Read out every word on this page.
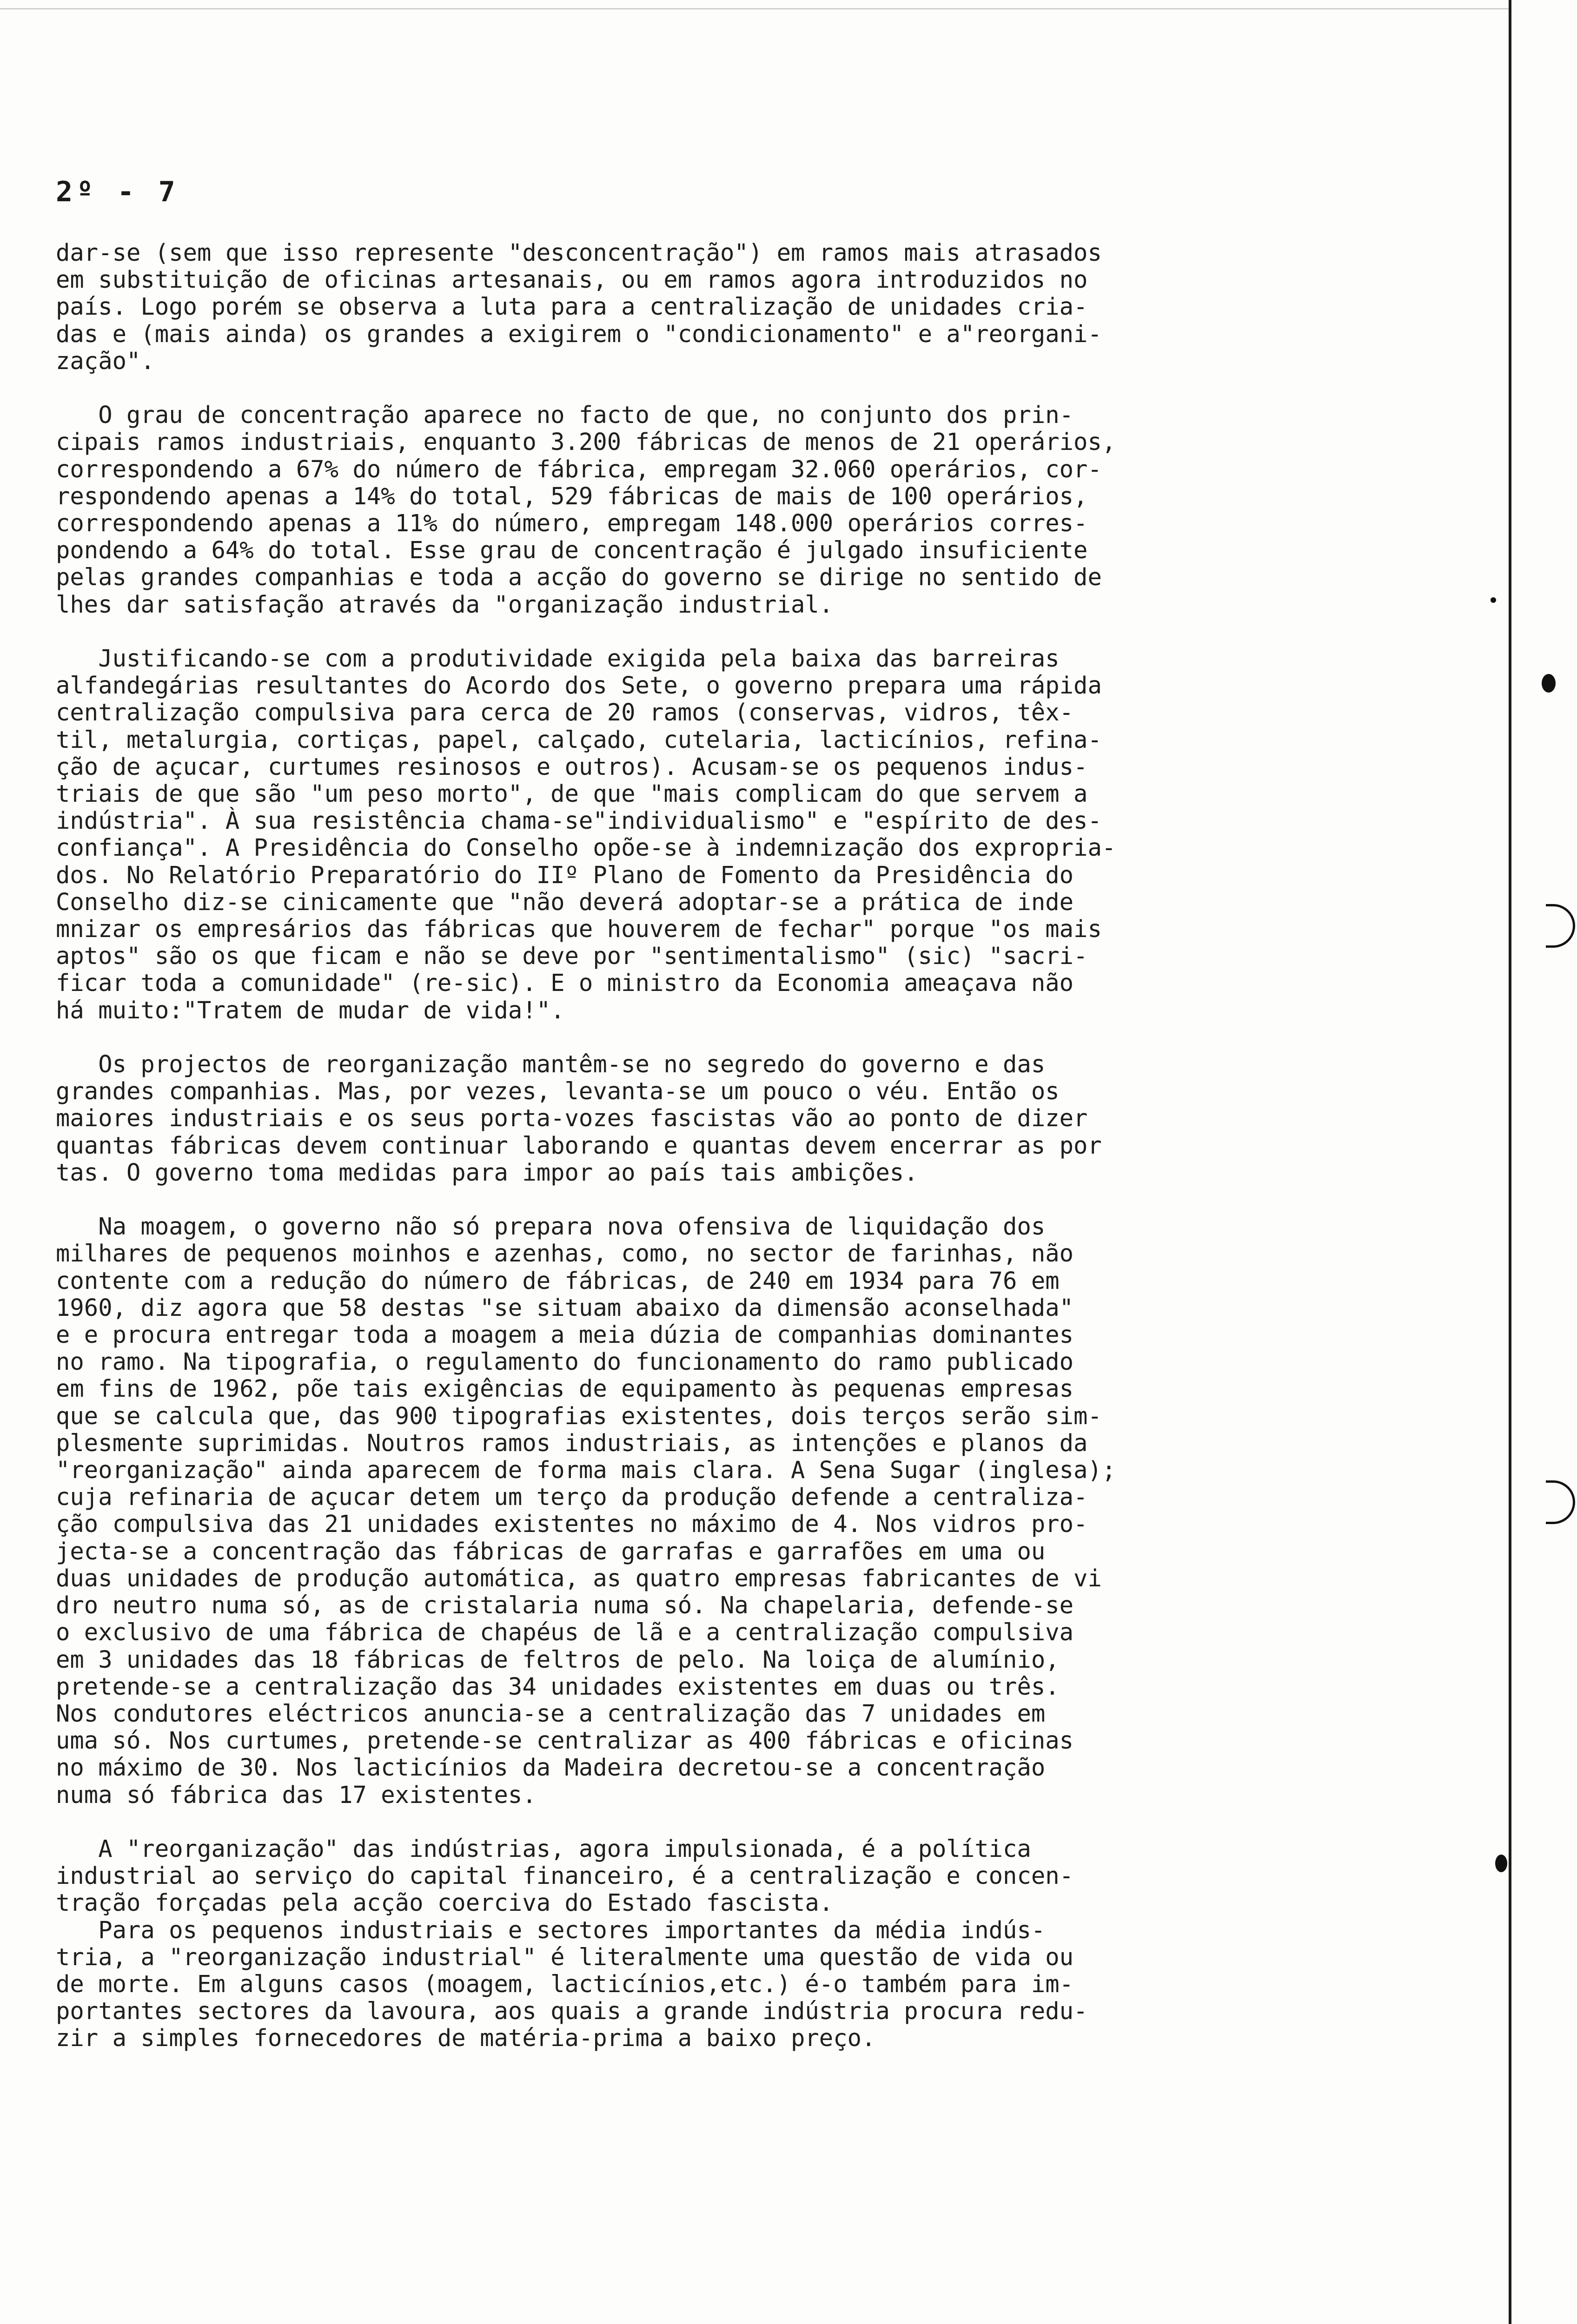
2º - 7

dar-se (sem que isso represente "desconcentração") em ramos mais atrasados
em substituição de oficinas artesanais, ou em ramos agora introduzidos no
país. Logo porém se observa a luta para a centralização de unidades cria-
das e (mais ainda) os grandes a exigirem o "condicionamento" e a"reorgani-
zação".
O grau de concentração aparece no facto de que, no conjunto dos prin-
cipais ramos industriais, enquanto 3.200 fábricas de menos de 21 operários,
correspondendo a 67% do número de fábrica, empregam 32.060 operários, cor-
respondendo apenas a 14% do total, 529 fábricas de mais de 100 operários,
correspondendo apenas a 11% do número, empregam 148.000 operários corres-
pondendo a 64% do total. Esse grau de concentração é julgado insuficiente
pelas grandes companhias e toda a acção do governo se dirige no sentido de
lhes dar satisfação através da "organização industrial.
Justificando-se com a produtividade exigida pela baixa das barreiras
alfandegárias resultantes do Acordo dos Sete, o governo prepara uma rápida
centralização compulsiva para cerca de 20 ramos (conservas, vidros, têx-
til, metalurgia, cortiças, papel, calçado, cutelaria, lacticínios, refina-
ção de açucar, curtumes resinosos e outros). Acusam-se os pequenos indus-
triais de que são "um peso morto", de que "mais complicam do que servem a
indústria". À sua resistência chama-se"individualismo" e "espírito de des-
confiança". A Presidência do Conselho opõe-se à indemnização dos expropria-
dos. No Relatório Preparatório do IIº Plano de Fomento da Presidência do
Conselho diz-se cinicamente que "não deverá adoptar-se a prática de inde
mnizar os empresários das fábricas que houverem de fechar" porque "os mais
aptos" são os que ficam e não se deve por "sentimentalismo" (sic) "sacri-
ficar toda a comunidade" (re-sic). E o ministro da Economia ameaçava não
há muito:"Tratem de mudar de vida!".
Os projectos de reorganização mantêm-se no segredo do governo e das
grandes companhias. Mas, por vezes, levanta-se um pouco o véu. Então os
maiores industriais e os seus porta-vozes fascistas vão ao ponto de dizer
quantas fábricas devem continuar laborando e quantas devem encerrar as por
tas. O governo toma medidas para impor ao país tais ambições.
Na moagem, o governo não só prepara nova ofensiva de liquidação dos
milhares de pequenos moinhos e azenhas, como, no sector de farinhas, não
contente com a redução do número de fábricas, de 240 em 1934 para 76 em
1960, diz agora que 58 destas "se situam abaixo da dimensão aconselhada"
e e procura entregar toda a moagem a meia dúzia de companhias dominantes
no ramo. Na tipografia, o regulamento do funcionamento do ramo publicado
em fins de 1962, põe tais exigências de equipamento às pequenas empresas
que se calcula que, das 900 tipografias existentes, dois terços serão sim-
plesmente suprimidas. Noutros ramos industriais, as intenções e planos da
"reorganização" ainda aparecem de forma mais clara. A Sena Sugar (inglesa);
cuja refinaria de açucar detem um terço da produção defende a centraliza-
ção compulsiva das 21 unidades existentes no máximo de 4. Nos vidros pro-
jecta-se a concentração das fábricas de garrafas e garrafões em uma ou
duas unidades de produção automática, as quatro empresas fabricantes de vi
dro neutro numa só, as de cristalaria numa só. Na chapelaria, defende-se
o exclusivo de uma fábrica de chapéus de lã e a centralização compulsiva
em 3 unidades das 18 fábricas de feltros de pelo. Na loiça de alumínio,
pretende-se a centralização das 34 unidades existentes em duas ou três.
Nos condutores eléctricos anuncia-se a centralização das 7 unidades em
uma só. Nos curtumes, pretende-se centralizar as 400 fábricas e oficinas
no máximo de 30. Nos lacticínios da Madeira decretou-se a concentração
numa só fábrica das 17 existentes.
A "reorganização" das indústrias, agora impulsionada, é a política
industrial ao serviço do capital financeiro, é a centralização e concen-
tração forçadas pela acção coerciva do Estado fascista.
Para os pequenos industriais e sectores importantes da média indús-
tria, a "reorganização industrial" é literalmente uma questão de vida ou
de morte. Em alguns casos (moagem, lacticínios,etc.) é-o também para im-
portantes sectores da lavoura, aos quais a grande indústria procura redu-
zir a simples fornecedores de matéria-prima a baixo preço.
